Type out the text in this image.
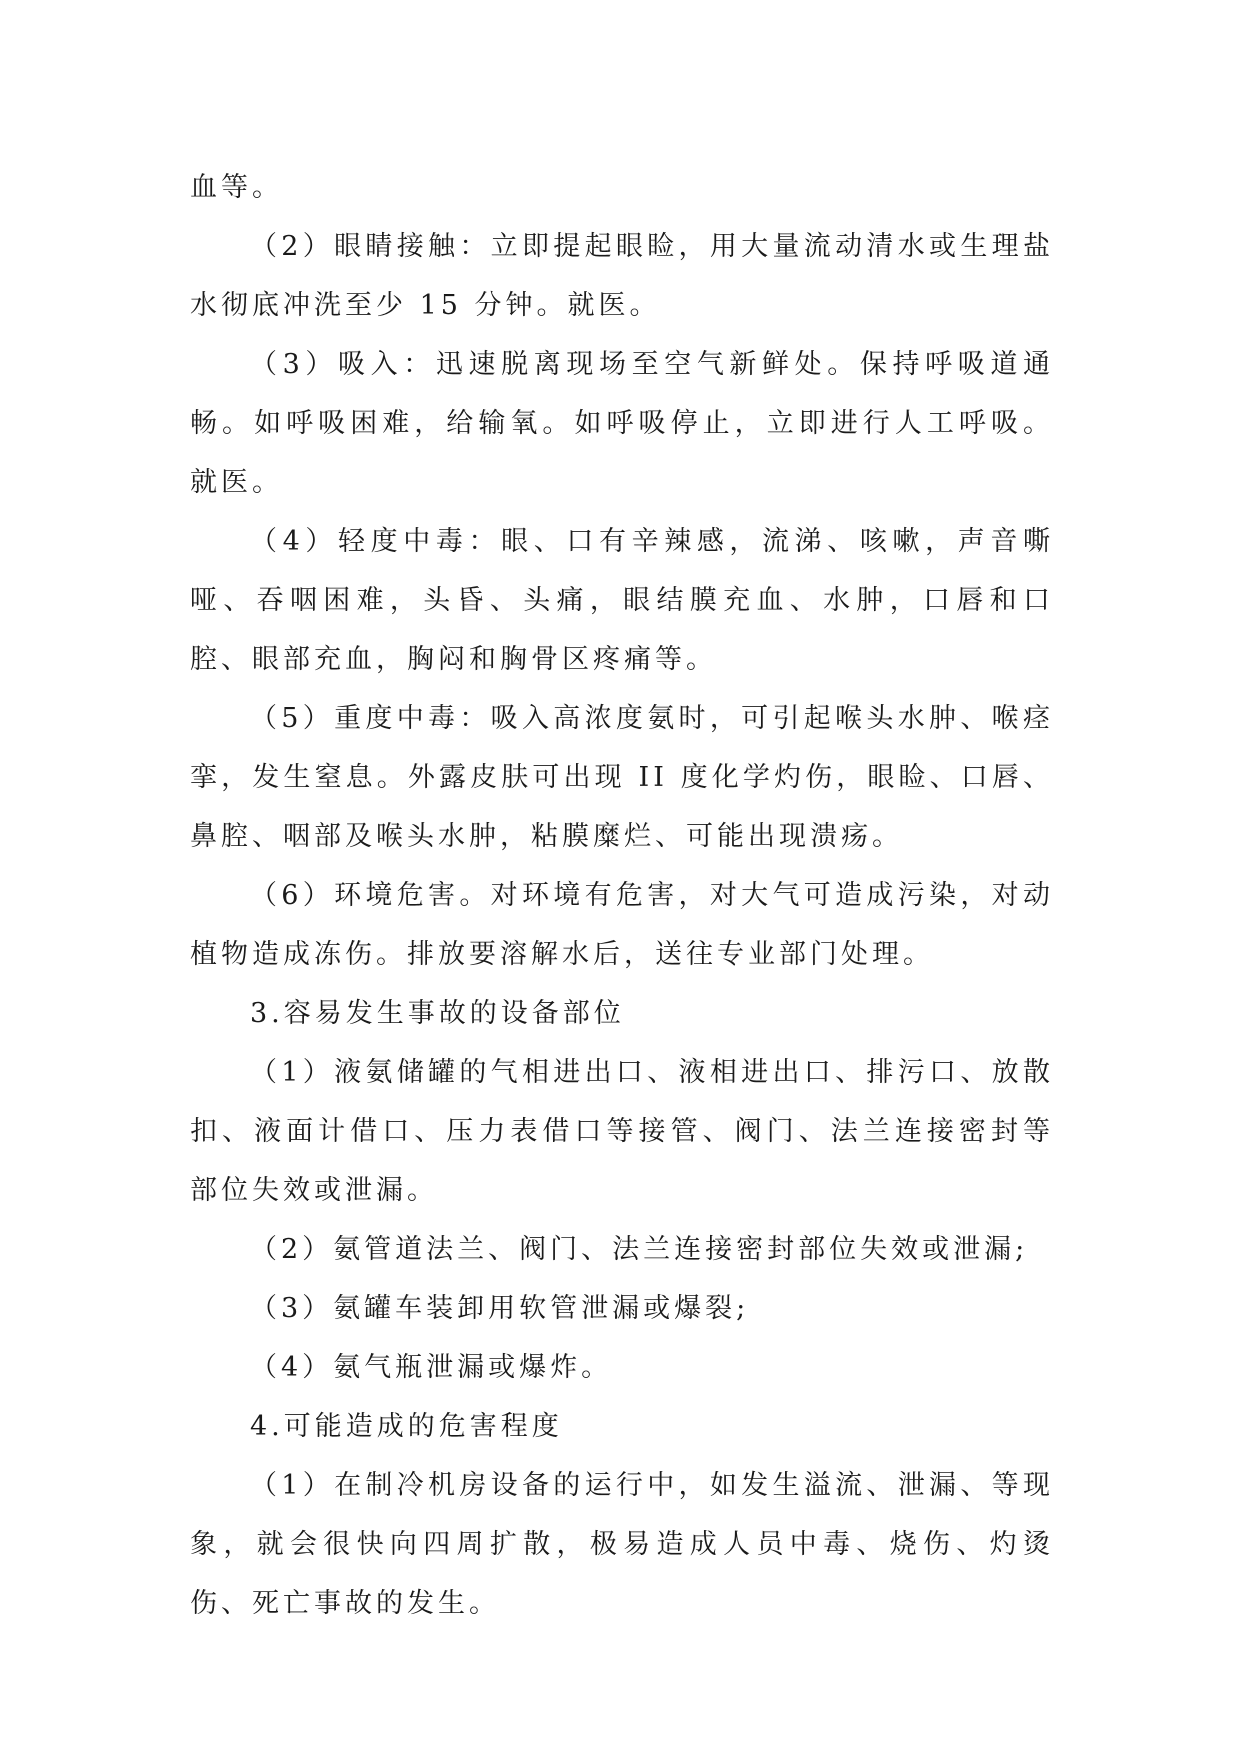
血等。

（2）眼睛接触：立即提起眼睑，用大量流动清水或生理盐水彻底冲洗至少 15 分钟。就医。

（3）吸入：迅速脱离现场至空气新鲜处。保持呼吸道通畅。如呼吸困难，给输氧。如呼吸停止，立即进行人工呼吸。就医。

（4）轻度中毒：眼、口有辛辣感，流涕、咳嗽，声音嘶哑、吞咽困难，头昏、头痛，眼结膜充血、水肿，口唇和口腔、眼部充血，胸闷和胸骨区疼痛等。

（5）重度中毒：吸入高浓度氨时，可引起喉头水肿、喉痉挛，发生窒息。外露皮肤可出现 II 度化学灼伤，眼睑、口唇、鼻腔、咽部及喉头水肿，粘膜糜烂、可能出现溃疡。

（6）环境危害。对环境有危害，对大气可造成污染，对动植物造成冻伤。排放要溶解水后，送往专业部门处理。

3.容易发生事故的设备部位

（1）液氨储罐的气相进出口、液相进出口、排污口、放散扣、液面计借口、压力表借口等接管、阀门、法兰连接密封等部位失效或泄漏。

（2）氨管道法兰、阀门、法兰连接密封部位失效或泄漏;

（3）氨罐车装卸用软管泄漏或爆裂;

（4）氨气瓶泄漏或爆炸。

4.可能造成的危害程度

（1）在制冷机房设备的运行中，如发生溢流、泄漏、等现象，就会很快向四周扩散，极易造成人员中毒、烧伤、灼烫伤、死亡事故的发生。
